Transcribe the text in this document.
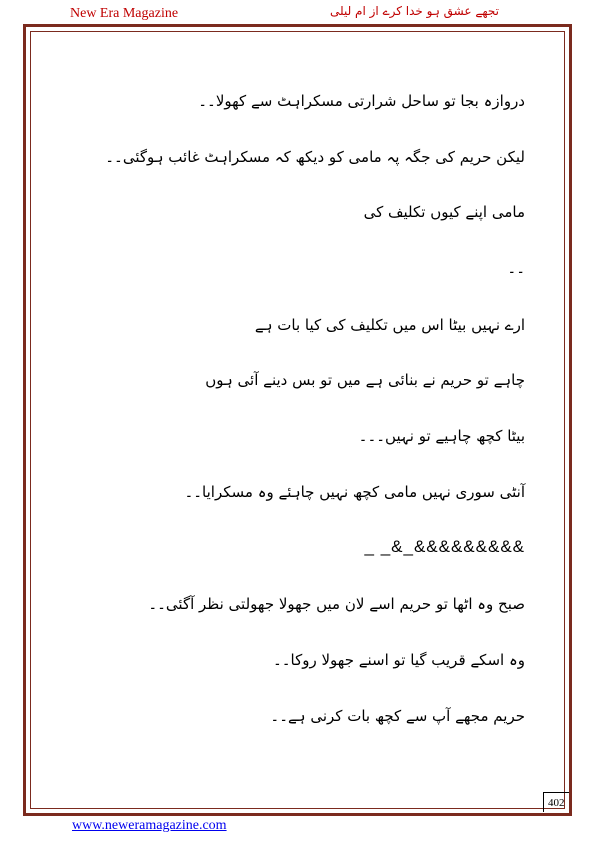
New Era Magazine	تجھے عشق ہو خدا کرے از ام لیلی
دروازہ بجا تو ساحل شرارتی مسکراہٹ سے کھولا۔۔
لیکن حریم کی جگہ پہ مامی کو دیکھ کہ مسکراہٹ غائب ہوگئی۔۔
مامی اپنے کیوں تکلیف کی
۔۔
ارے نہیں بیٹا اس میں تکلیف کی کیا بات ہے
چاہے تو حریم نے بنائی ہے میں تو بس دینے آئی ہوں
بیٹا کچھ چاہیے تو نہیں۔۔۔
آنٹی سوری نہیں مامی کچھ نہیں چاہئے وہ مسکرایا۔۔
_ _&_&&&&&&&&&
صبح وہ اٹھا تو حریم اسے لان میں جھولا جھولتی نظر آگئی۔۔
وہ اسکے قریب گیا تو اسنے جھولا روکا۔۔
حریم مجھے آپ سے کچھ بات کرنی ہے۔۔
402
www.neweramagazine.com
